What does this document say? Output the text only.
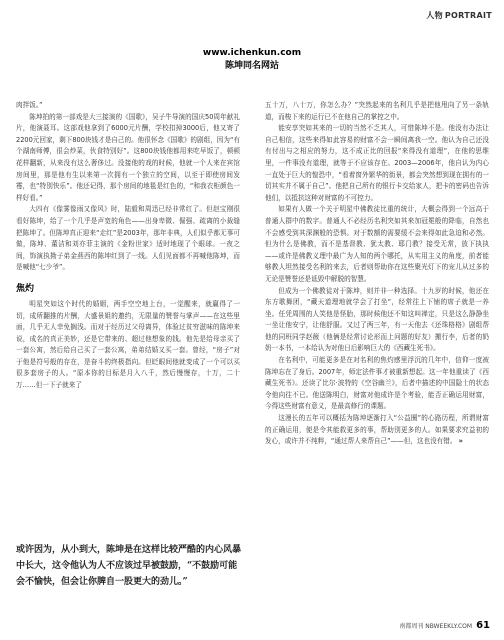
人物 PORTRAIT
www.ichenkun.com
陈坤同名网站

肉拌饭。”

陈坤拍的第一部戏是大三接演的《国歌》，吴子牛导演的国庆50周年献礼片，他演聂耳。这部戏他拿到了6000元片酬，学校扣掉3000后，他又寄了2200元回家，剩下800块钱才是自己的。他很怀念《国歌》的剧组，因为“有个湖南师傅，很会炒菜，伙食特别好”。这800块钱他都用来吃早饭了，顿顿花样翻新，从来没有这么奢侈过。没接他的戏的时候，他就一个人来在宾馆房间里，那是他有生以来第一次拥有一个独立的空间，以至于即使房间发霉，也“特别快乐”。他还记得，那个房间的地毯是红色的，“和我衣柜颜色一样好看。”

大四有《像雾像雨又像风》时，陆毅和周迅已经非常红了。但赵宝刚很看好陈坤，给了一个几乎是声宽的角色——出身卑微、倔强、疏离的小裁缝把陈坤了。但陈坤真正迎来“走红”是2003年，那年非典，人们似乎都无事可做，陈坤、董洁和刘亦菲主演的《金粉世家》适时地现了个眼球。一夜之间，饰演执拗子弟金燕西的陈坤红到了一线。人们见面都不再喊他陈坤，而是喊他“七少爷”。

焦灼

明星突如这个时代的婚姻，两手空空地上台，一觉醒来，就赢得了一切，成所翻推的片酬，大盛景姐的邀约，无限量的赞誉与掌声——在这些里面，几乎无人幸免搁浅。而对于经历过父母离异，体验过贫穷滋味的陈坤来说，成名的真正美妙，还是它带来的、超过他想象的钱。他先是给母亲买了一套公寓，然后给自己买了一套公寓，弟弟结婚又买一套。曾经，“房子”对于他是符号般的存在，是奋斗的终极指向。但眨眼间他就变成了一个可以买很多套房子的人。“原本你的目标是月入八千，然后慢慢存，十万，二十万……但一下子就来了

或许因为，从小到大，陈坤是在这样比较严酷的内心风暴中长大，这令他认为人不应该过早被鼓励，“不鼓励可能会不愉快，但会让你脾自一股更大的劲儿。”

五十万，八十万，你怎么办？”突然起来的名利几乎是把他甩向了另一条轨道，而梭下来的运行已不在他自己的掌控之中。

能安享突如其来的一切的当然不乏其人，可惜陈坤不是。他没有办法让自己相信，这些来得如此容易的财富不会一瞬间离我一空。他认为自己还没有付出与之相应的努力，这不成正比的回报“来得没有道理”，在他的思维里，一件事没有道理，就等于不应该存在。2003—2006年，他自认为内心一直处于巨大的惶恐中，“看着窗外繁华的街景，都会突然想到现在拥有的一切其实并不属于自己”。他把自己所有的银行卡交给家人，把卡的密码也告诉他们，以抵抗这种对财富的不可控力。

如果有人做一个关于明星中佛教徒比重的统计，大概会得到一个远高于普通人群中的数字。普通人不必经历名利突如其来加冠冕般的降临，自然也不会感受到其深渊般的恐惧。对于数额的需要缓不会来得如此急迫和必然。但为什么是佛教，而不是基督教、犹太教、耶门教？接受无常，放下执执——或许是佛教义理中最广为人知的两个哪托，从实用主义的角度，前者能够教人坦然接受名利的来去，后者则帮助你在这些聚光灯下的宠儿从过多的无论是赞誉还是诋毁中解脱的智慧。

但成为一个佛教徒对于陈坤，则并非一种选择。十九岁的时候，他还在东方歌舞团，“藏天道理地就学会了打坐”，经常往上下铺的席子就是一养坐。任凭周围的人笑他是怪胎，那时候他还不知这叫禅定，只是这么静静坐一坐让他安宁，让他舒服。又过了两三年，有一天他去《还珠格格》剧组帮他的同班同学赵薇（他俩是经常讨论形而上问题的好友）搬行李，后者的奶奶一本书，一本给认为对他日后影响巨大的《西藏生死书》。

在名利中，可能更多是在对名利的焦灼感里浮沉的几年中，信仰一度被陈坤忘在了身后。2007年，师定法件事才被重新想起。这一年他重读了《西藏生死书》。还读了比尔·波特的《空谷幽兰》，后者中描述的中国隐士的状态令他向往不已。他送陈明白，财富对他成许是个考验，能否正确运用财富，今得这些财富有意义，是最高修行的课题。

这漫长的五年可以概括为陈坤逐渐打入“公益圈”的心路历程，所谓财富的正确运用，便是令其能救更多的事，帮助别更多的人。如果要求究益初的发心，或许并不纯粹，“通过帮人来帮自己”——但，这也没有错。 »

南都周刊 NBWEEKLY.COM 61
